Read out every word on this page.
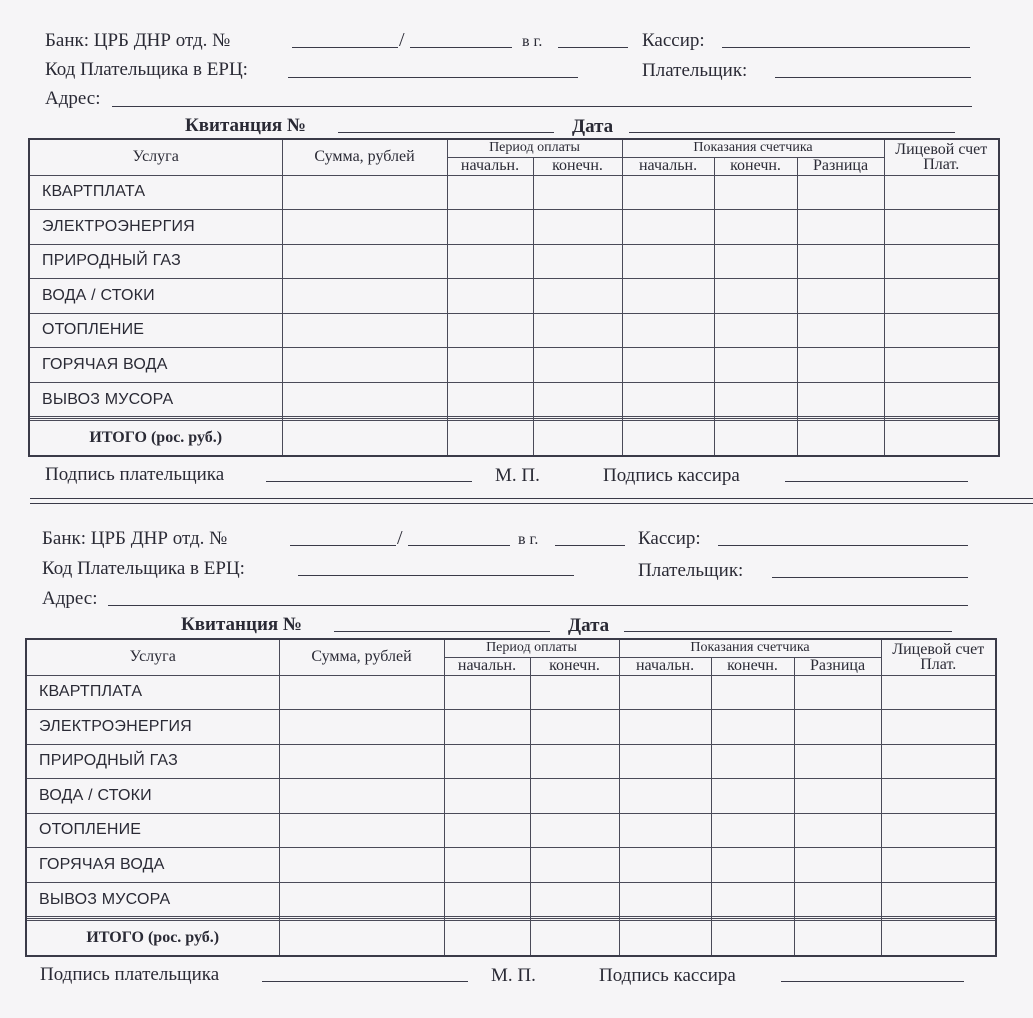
Банк: ЦРБ ДНР отд. №	/	в г.	Кассир:
Код Плательщика в ЕРЦ:	Плательщик:
Адрес:
Квитанция №	Дата
Услуга	Сумма, рублей	Период оплаты		Показания счетчика			Лицевой счет Плат.
		начальн.	конечн.	начальн.	конечн.	Разница	
КВАРТПЛАТА							
ЭЛЕКТРОЭНЕРГИЯ							
ПРИРОДНЫЙ ГАЗ							
ВОДА / СТОКИ							
ОТОПЛЕНИЕ							
ГОРЯЧАЯ ВОДА							
ВЫВОЗ МУСОРА							

ИТОГО (рос. руб.)							
Подпись плательщика	М. П.	Подпись кассира
Банк: ЦРБ ДНР отд. №	/	в г.	Кассир:
Код Плательщика в ЕРЦ:	Плательщик:
Адрес:
Квитанция №	Дата
Услуга	Сумма, рублей	Период оплаты		Показания счетчика			Лицевой счет Плат.
		начальн.	конечн.	начальн.	конечн.	Разница	
КВАРТПЛАТА							
ЭЛЕКТРОЭНЕРГИЯ							
ПРИРОДНЫЙ ГАЗ							
ВОДА / СТОКИ							
ОТОПЛЕНИЕ							
ГОРЯЧАЯ ВОДА							
ВЫВОЗ МУСОРА							

ИТОГО (рос. руб.)							
Подпись плательщика	М. П.	Подпись кассира
